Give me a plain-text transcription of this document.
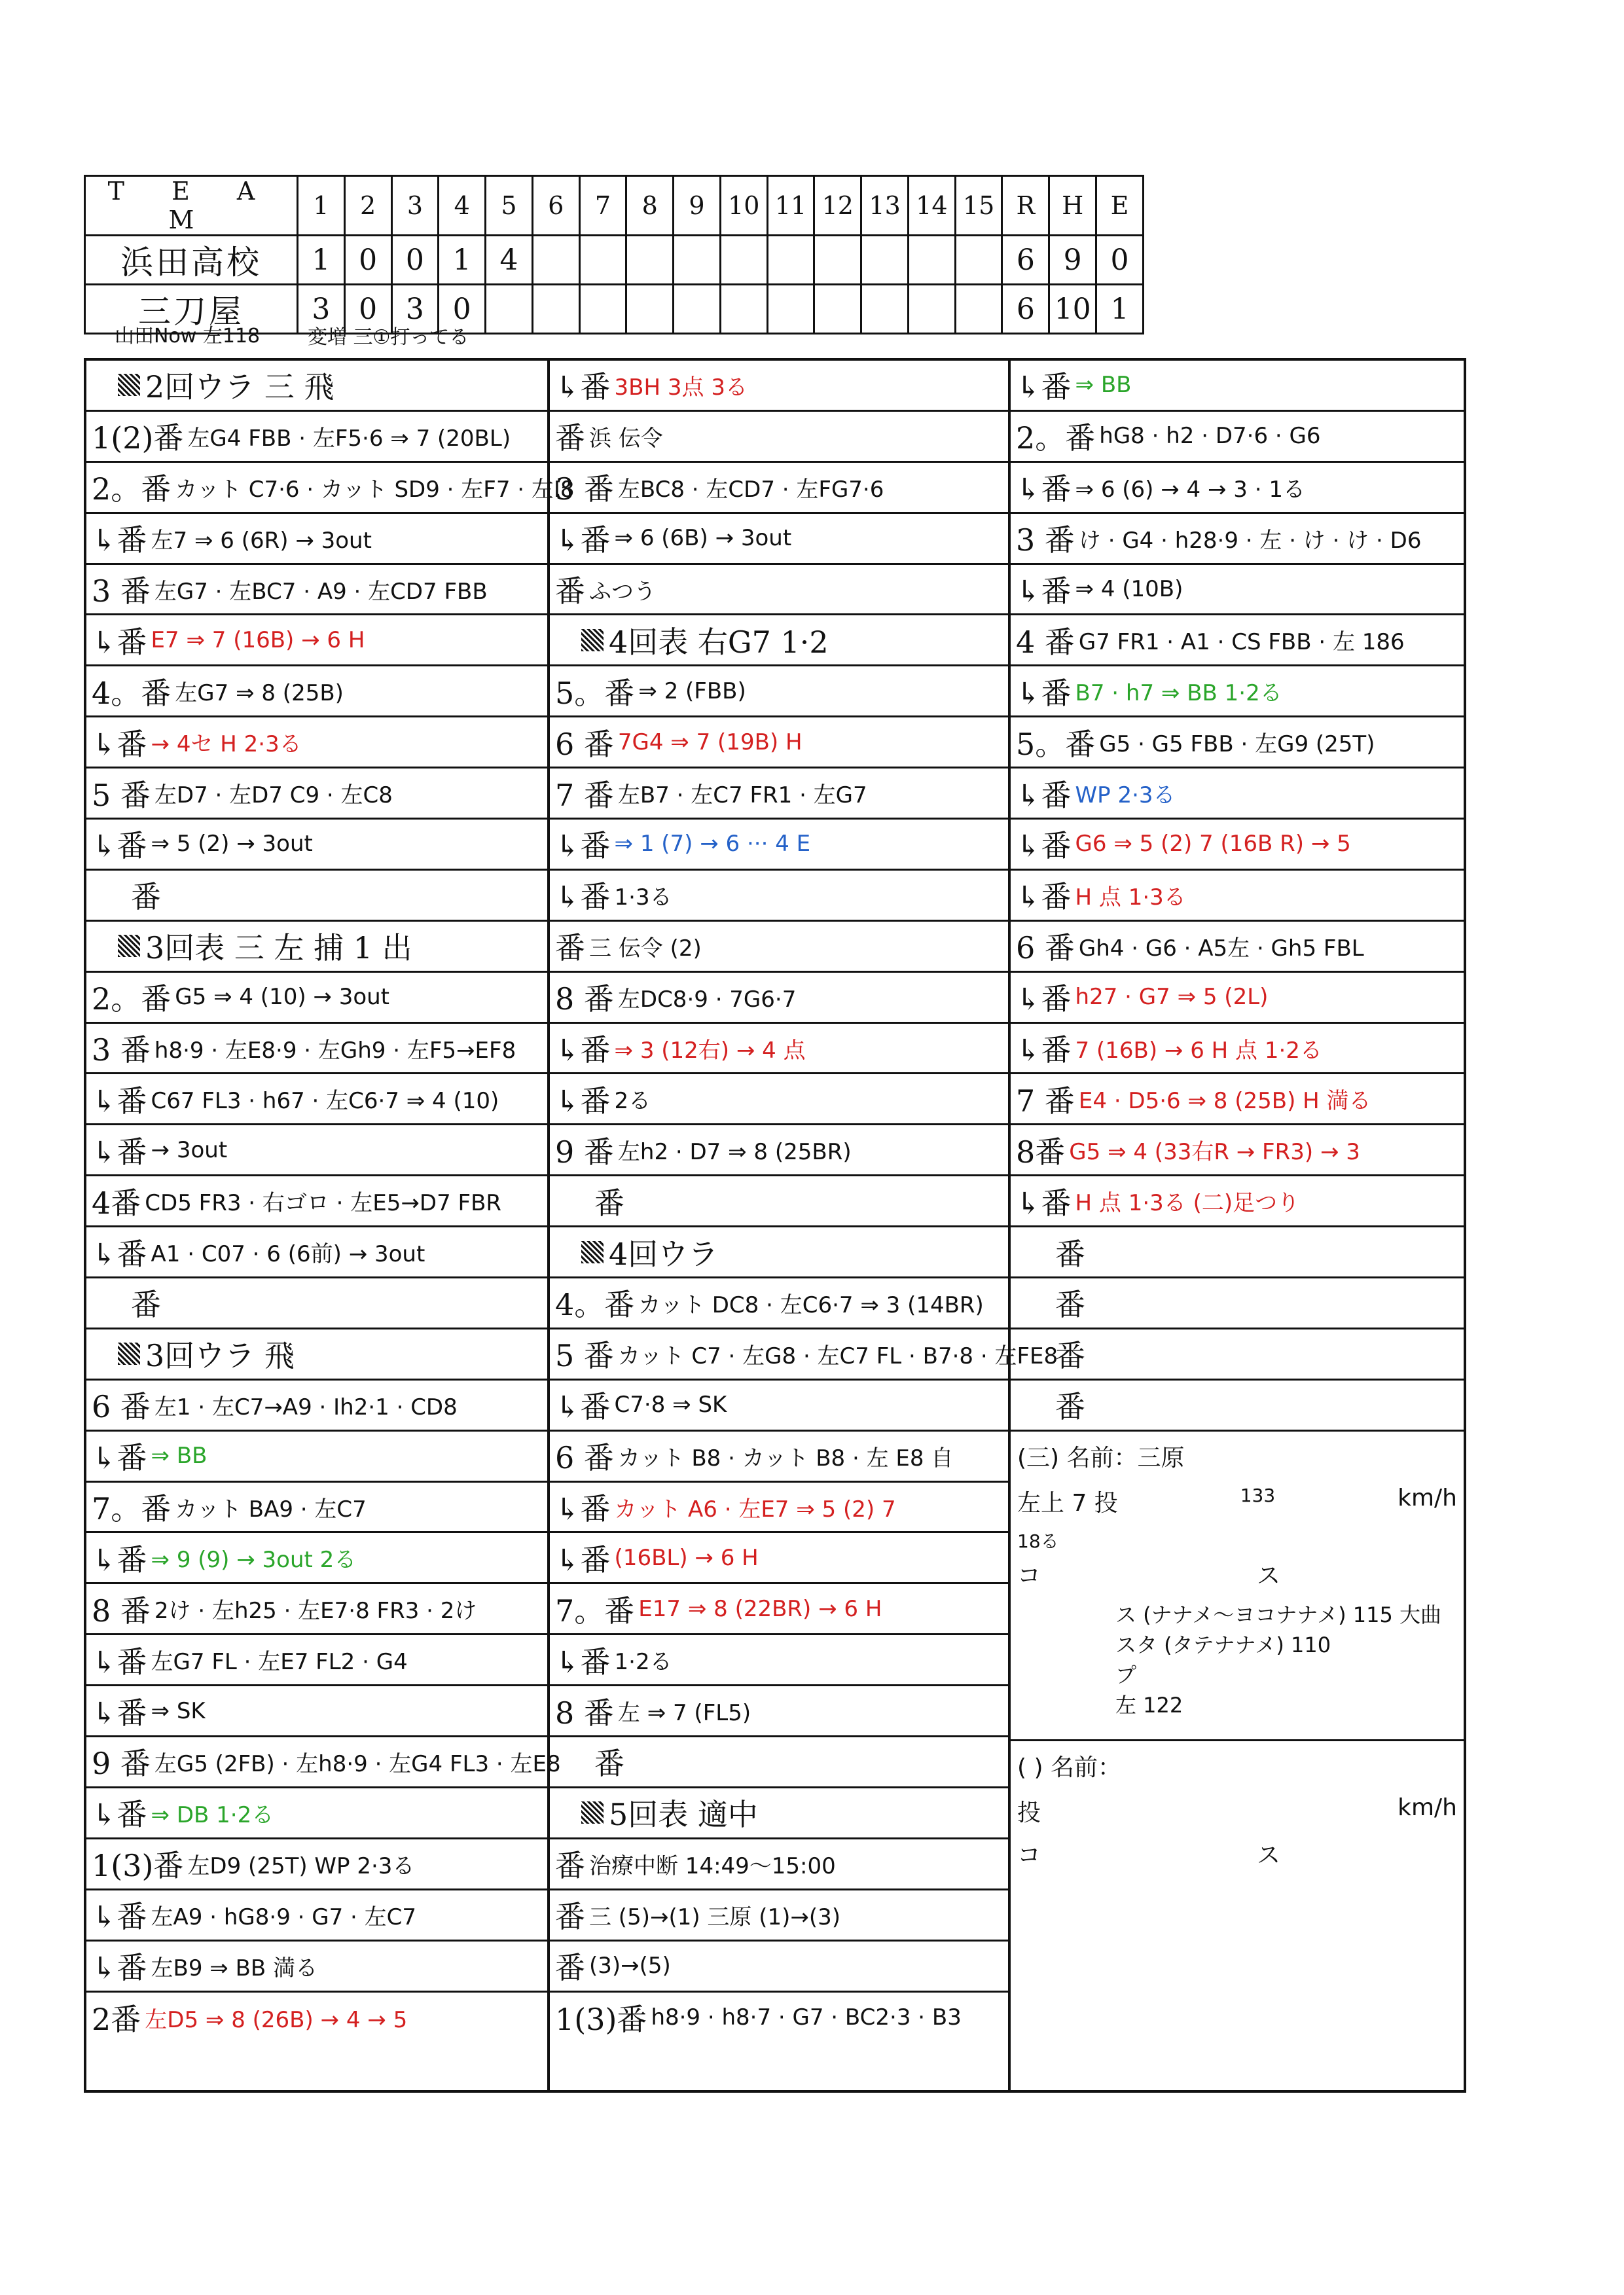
T E A M	1	2	3	4	5	6	7	8	9	10	11	12	13	14	15	R	H	E
浜田高校	1	0	0	1	4											6	9	0
三刀屋	3	0	3	0												6	10	1
山田Now 左118 変増 三①打ってる
2回ウラ 三 飛
1(2)番 左G4 FBB · 左F5·6 ⇒ 7 (20BL)
2。番 カット C7·6 · カット SD9 · 左F7 · 左I8
↳番 左7 ⇒ 6 (6R) → 3out
3 番 左G7 · 左BC7 · A9 · 左CD7 FBB
↳番 E7 ⇒ 7 (16B) → 6 H
4。番 左G7 ⇒ 8 (25B)
↳番 → 4セ H 2·3る
5 番 左D7 · 左D7 C9 · 左C8
↳番 ⇒ 5 (2) → 3out
番
3回表 三 左 捕 1 出
2。番 G5 ⇒ 4 (10) → 3out
3 番 h8·9 · 左E8·9 · 左Gh9 · 左F5→EF8
↳番 C67 FL3 · h67 · 左C6·7 ⇒ 4 (10)
↳番 → 3out
4番 CD5 FR3 · 右ゴロ · 左E5→D7 FBR
↳番 A1 · C07 · 6 (6前) → 3out
番
3回ウラ 飛
6 番 左1 · 左C7→A9 · Ih2·1 · CD8
↳番 ⇒ BB
7。番 カット BA9 · 左C7
↳番 ⇒ 9 (9) → 3out 2る
8 番 2け · 左h25 · 左E7·8 FR3 · 2け
↳番 左G7 FL · 左E7 FL2 · G4
↳番 ⇒ SK
9 番 左G5 (2FB) · 左h8·9 · 左G4 FL3 · 左E8
↳番 ⇒ DB 1·2る
1(3)番 左D9 (25T) WP 2·3る
↳番 左A9 · hG8·9 · G7 · 左C7
↳番 左B9 ⇒ BB 満る
2番 左D5 ⇒ 8 (26B) → 4 → 5
↳番 3BH 3点 3る
番 浜 伝令
3 番 左BC8 · 左CD7 · 左FG7·6
↳番 ⇒ 6 (6B) → 3out
番 ふつう
4回表 右G7 1·2
5。番 ⇒ 2 (FBB)
6 番 7G4 ⇒ 7 (19B) H
7 番 左B7 · 左C7 FR1 · 左G7
↳番 ⇒ 1 (7) → 6 ··· 4 E
↳番 1·3る
番 三 伝令 (2)
8 番 左DC8·9 · 7G6·7
↳番 ⇒ 3 (12右) → 4 点
↳番 2る
9 番 左h2 · D7 ⇒ 8 (25BR)
番
4回ウラ
4。番 カット DC8 · 左C6·7 ⇒ 3 (14BR)
5 番 カット C7 · 左G8 · 左C7 FL · B7·8 · 左FE8
↳番 C7·8 ⇒ SK
6 番 カット B8 · カット B8 · 左 E8 自
↳番 カット A6 · 左E7 ⇒ 5 (2) 7
↳番 (16BL) → 6 H
7。番 E17 ⇒ 8 (22BR) → 6 H
↳番 1·2る
8 番 左 ⇒ 7 (FL5)
番
5回表 適中
番 治療中断 14:49〜15:00
番 三 (5)→(1) 三原 (1)→(3)
番 (3)→(5)
1(3)番 h8·9 · h8·7 · G7 · BC2·3 · B3
↳番 ⇒ BB
2。番 hG8 · h2 · D7·6 · G6
↳番 ⇒ 6 (6) → 4 → 3 · 1る
3 番 け · G4 · h28·9 · 左 · け · け · D6
↳番 ⇒ 4 (10B)
4 番 G7 FR1 · A1 · CS FBB · 左 186
↳番 B7 · h7 ⇒ BB 1·2る
5。番 G5 · G5 FBB · 左G9 (25T)
↳番 WP 2·3る
↳番 G6 ⇒ 5 (2) 7 (16B R) → 5
↳番 H 点 1·3る
6 番 Gh4 · G6 · A5左 · Gh5 FBL
↳番 h27 · G7 ⇒ 5 (2L)
↳番 7 (16B) → 6 H 点 1·2る
7 番 E4 · D5·6 ⇒ 8 (25B) H 満る
8番 G5 ⇒ 4 (33右R → FR3) → 3
↳番 H 点 1·3る (二)足つり
番
番
番
番
(三) 名前：三原
左上 7 投	133	km/h
18る
コ	ス
ス (ナナメ〜ヨコナナメ) 115 大曲
スタ (タテナナメ) 110
プ
左 122
( ) 名前：
投	km/h
コ	ス
